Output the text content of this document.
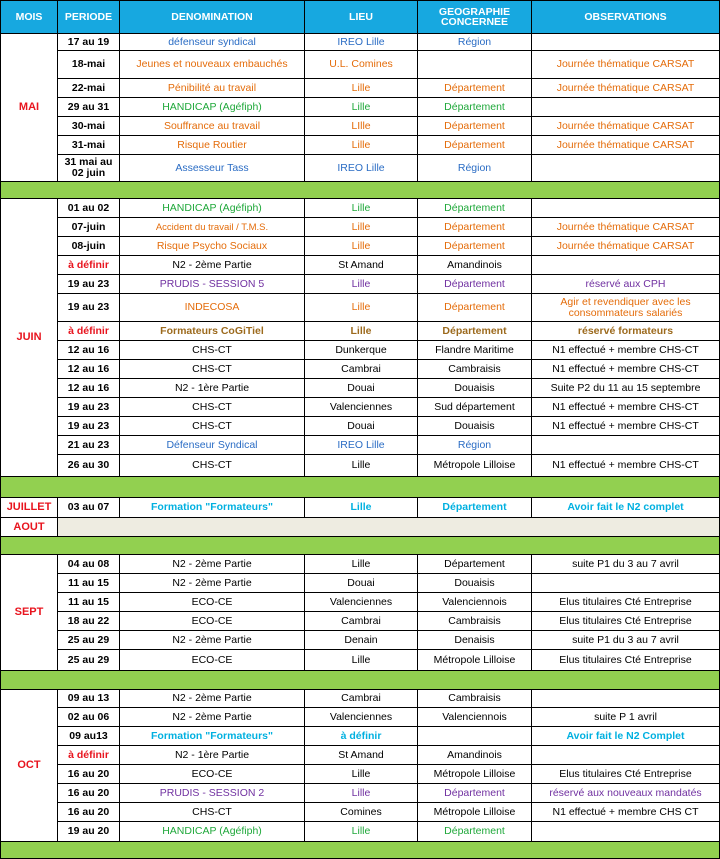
MOIS	PERIODE	DENOMINATION	LIEU	GEOGRAPHIE CONCERNEE	OBSERVATIONS
MAI	17 au 19	défenseur syndical	IREO Lille	Région	
	18-mai	Jeunes et nouveaux embauchés	U.L. Comines		Journée thématique CARSAT
	22-mai	Pénibilité au travail	Lille	Département	Journée thématique CARSAT
	29 au 31	HANDICAP (Agéfiph)	Lille	Département	
	30-mai	Souffrance au travail	LIlle	Département	Journée thématique CARSAT
	31-mai	Risque Routier	Lille	Département	Journée thématique CARSAT
	31 mai au 02 juin	Assesseur Tass	IREO Lille	Région	

JUIN	01 au 02	HANDICAP (Agéfiph)	Lille	Département	
	07-juin	Accident du travail / T.M.S.	Lille	Département	Journée thématique CARSAT
	08-juin	Risque Psycho Sociaux	Lille	Département	Journée thématique CARSAT
	à définir	N2 - 2ème Partie	St Amand	Amandinois	
	19 au 23	PRUDIS - SESSION 5	Lille	Département	réservé aux CPH
	19 au 23	INDECOSA	Lille	Département	Agir et revendiquer avec les consommateurs salariés
	à définir	Formateurs CoGiTiel	Lille	Département	réservé formateurs
	12 au 16	CHS-CT	Dunkerque	Flandre Maritime	N1 effectué + membre CHS-CT
	12 au 16	CHS-CT	Cambrai	Cambraisis	N1 effectué + membre CHS-CT
	12 au 16	N2 - 1ère Partie	Douai	Douaisis	Suite P2 du 11 au 15 septembre
	19 au 23	CHS-CT	Valenciennes	Sud département	N1 effectué + membre CHS-CT
	19 au 23	CHS-CT	Douai	Douaisis	N1 effectué + membre CHS-CT
	21 au 23	Défenseur Syndical	IREO Lille	Région	
	26 au 30	CHS-CT	Lille	Métropole Lilloise	N1 effectué + membre CHS-CT

JUILLET	03 au 07	Formation "Formateurs"	Lille	Département	Avoir fait le N2 complet
AOUT					

SEPT	04 au 08	N2 - 2ème Partie	Lille	Département	suite P1 du 3 au 7 avril
	11 au 15	N2 - 2ème Partie	Douai	Douaisis	
	11 au 15	ECO-CE	Valenciennes	Valenciennois	Elus titulaires Cté Entreprise
	18 au 22	ECO-CE	Cambrai	Cambraisis	Elus titulaires Cté Entreprise
	25 au 29	N2 - 2ème Partie	Denain	Denaisis	suite P1 du 3 au 7 avril
	25 au 29	ECO-CE	Lille	Métropole Lilloise	Elus titulaires Cté Entreprise

OCT	09 au 13	N2 - 2ème Partie	Cambrai	Cambraisis	
	02 au 06	N2 - 2ème Partie	Valenciennes	Valenciennois	suite P 1 avril
	09 au13	Formation "Formateurs"	à définir		Avoir fait le N2 Complet
	à définir	N2 - 1ère Partie	St Amand	Amandinois	
	16 au 20	ECO-CE	Lille	Métropole Lilloise	Elus titulaires Cté Entreprise
	16 au 20	PRUDIS - SESSION 2	Lille	Département	réservé aux nouveaux mandatés
	16 au 20	CHS-CT	Comines	Métropole Lilloise	N1 effectué + membre CHS CT
	19 au 20	HANDICAP (Agéfiph)	Lille	Département	
